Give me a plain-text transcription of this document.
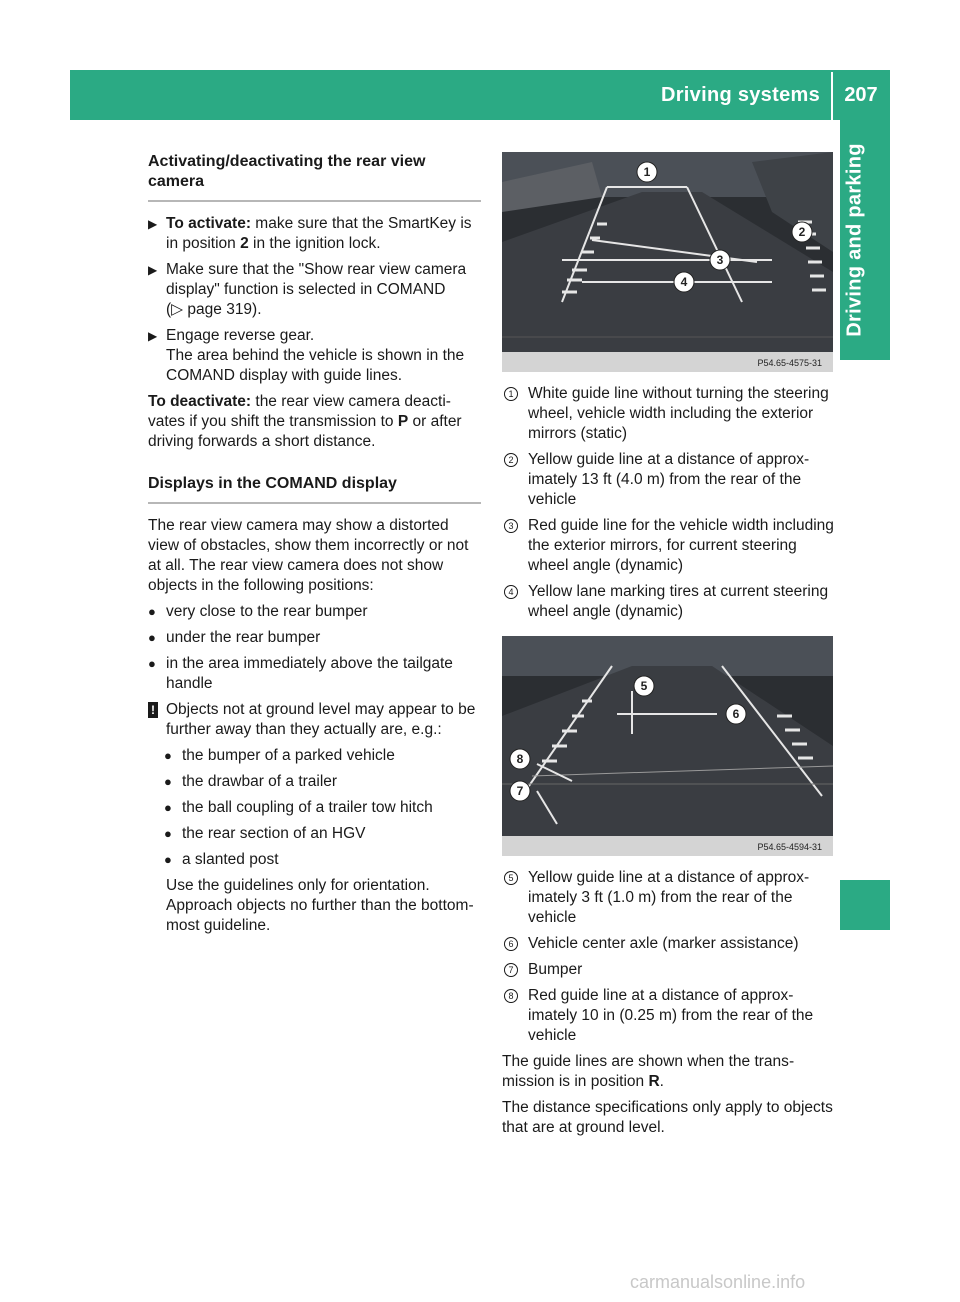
Driving systems	207
Driving and parking
Activating/deactivating the rear view camera
▶ To activate: make sure that the SmartKey is in position 2 in the ignition lock.
▶ Make sure that the "Show rear view camera display" function is selected in COMAND
(▷ page 319).
▶ Engage reverse gear.
The area behind the vehicle is shown in the COMAND display with guide lines.

To deactivate: the rear view camera deactivates if you shift the transmission to P or after driving forwards a short distance.

Displays in the COMAND display

The rear view camera may show a distorted view of obstacles, show them incorrectly or not at all. The rear view camera does not show objects in the following positions:

● very close to the rear bumper
● under the rear bumper
● in the area immediately above the tailgate handle
! Objects not at ground level may appear to be further away than they actually are, e.g.:
● the bumper of a parked vehicle
● the drawbar of a trailer
● the ball coupling of a trailer tow hitch
● the rear section of an HGV
● a slanted post

Use the guidelines only for orientation. Approach objects no further than the bottom-most guideline.

P54.65-4575-31
1
2
3
4
1 White guide line without turning the steering wheel, vehicle width including the exterior mirrors (static)
2 Yellow guide line at a distance of approximately 13 ft (4.0 m) from the rear of the vehicle
3 Red guide line for the vehicle width including the exterior mirrors, for current steering wheel angle (dynamic)
4 Yellow lane marking tires at current steering wheel angle (dynamic)
P54.65-4594-31
5
6
7
8
5 Yellow guide line at a distance of approximately 3 ft (1.0 m) from the rear of the vehicle
6 Vehicle center axle (marker assistance)
7 Bumper
8 Red guide line at a distance of approximately 10 in (0.25 m) from the rear of the vehicle

The guide lines are shown when the transmission is in position R.

The distance specifications only apply to objects that are at ground level.

carmanualsonline.info
